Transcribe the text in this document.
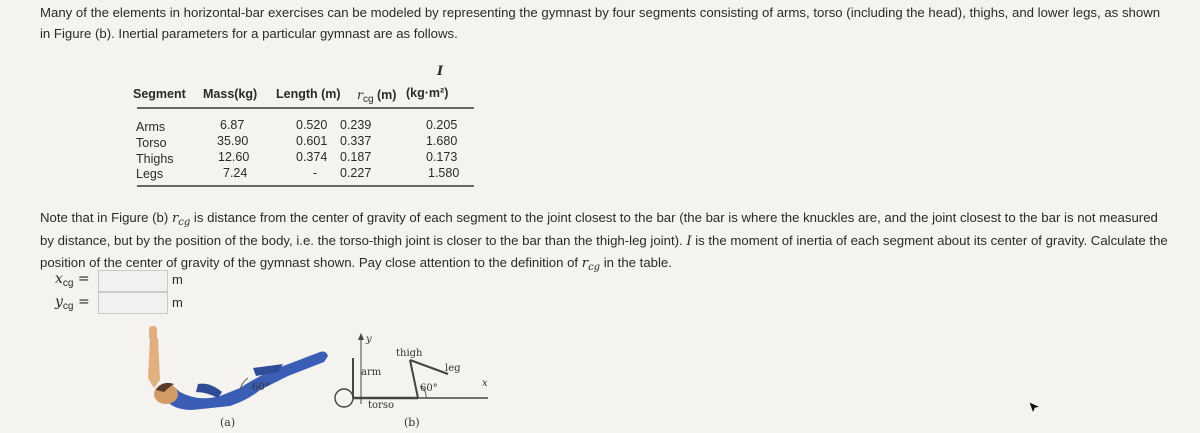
Many of the elements in horizontal-bar exercises can be modeled by representing the gymnast by four segments consisting of arms, torso (including the head), thighs, and lower legs, as shown in Figure (b). Inertial parameters for a particular gymnast are as follows.
I
Segment Mass(kg) Length (m) $r_{cg}$ (m) (kg·m²)
Arms	6.87	0.520 0.239	0.205
Torso	35.90	0.601 0.337	1.680
Thighs	12.60	0.374 0.187	0.173
Legs	7.24	- 0.227	1.580
Note that in Figure (b) $r_{cg}$ is distance from the center of gravity of each segment to the joint closest to the bar (the bar is where the knuckles are, and the joint closest to the bar is not measured by distance, but by the position of the body, i.e. the torso-thigh joint is closer to the bar than the thigh-leg joint). I is the moment of inertia of each segment about its center of gravity. Calculate the position of the center of gravity of the gymnast shown. Pay close attention to the definition of $r_{cg}$ in the table.
$x_{cg}$ =	m
$y_{cg}$ =	m
60°
(a)
y
thigh
arm	leg
60°	x
torso
(b)
